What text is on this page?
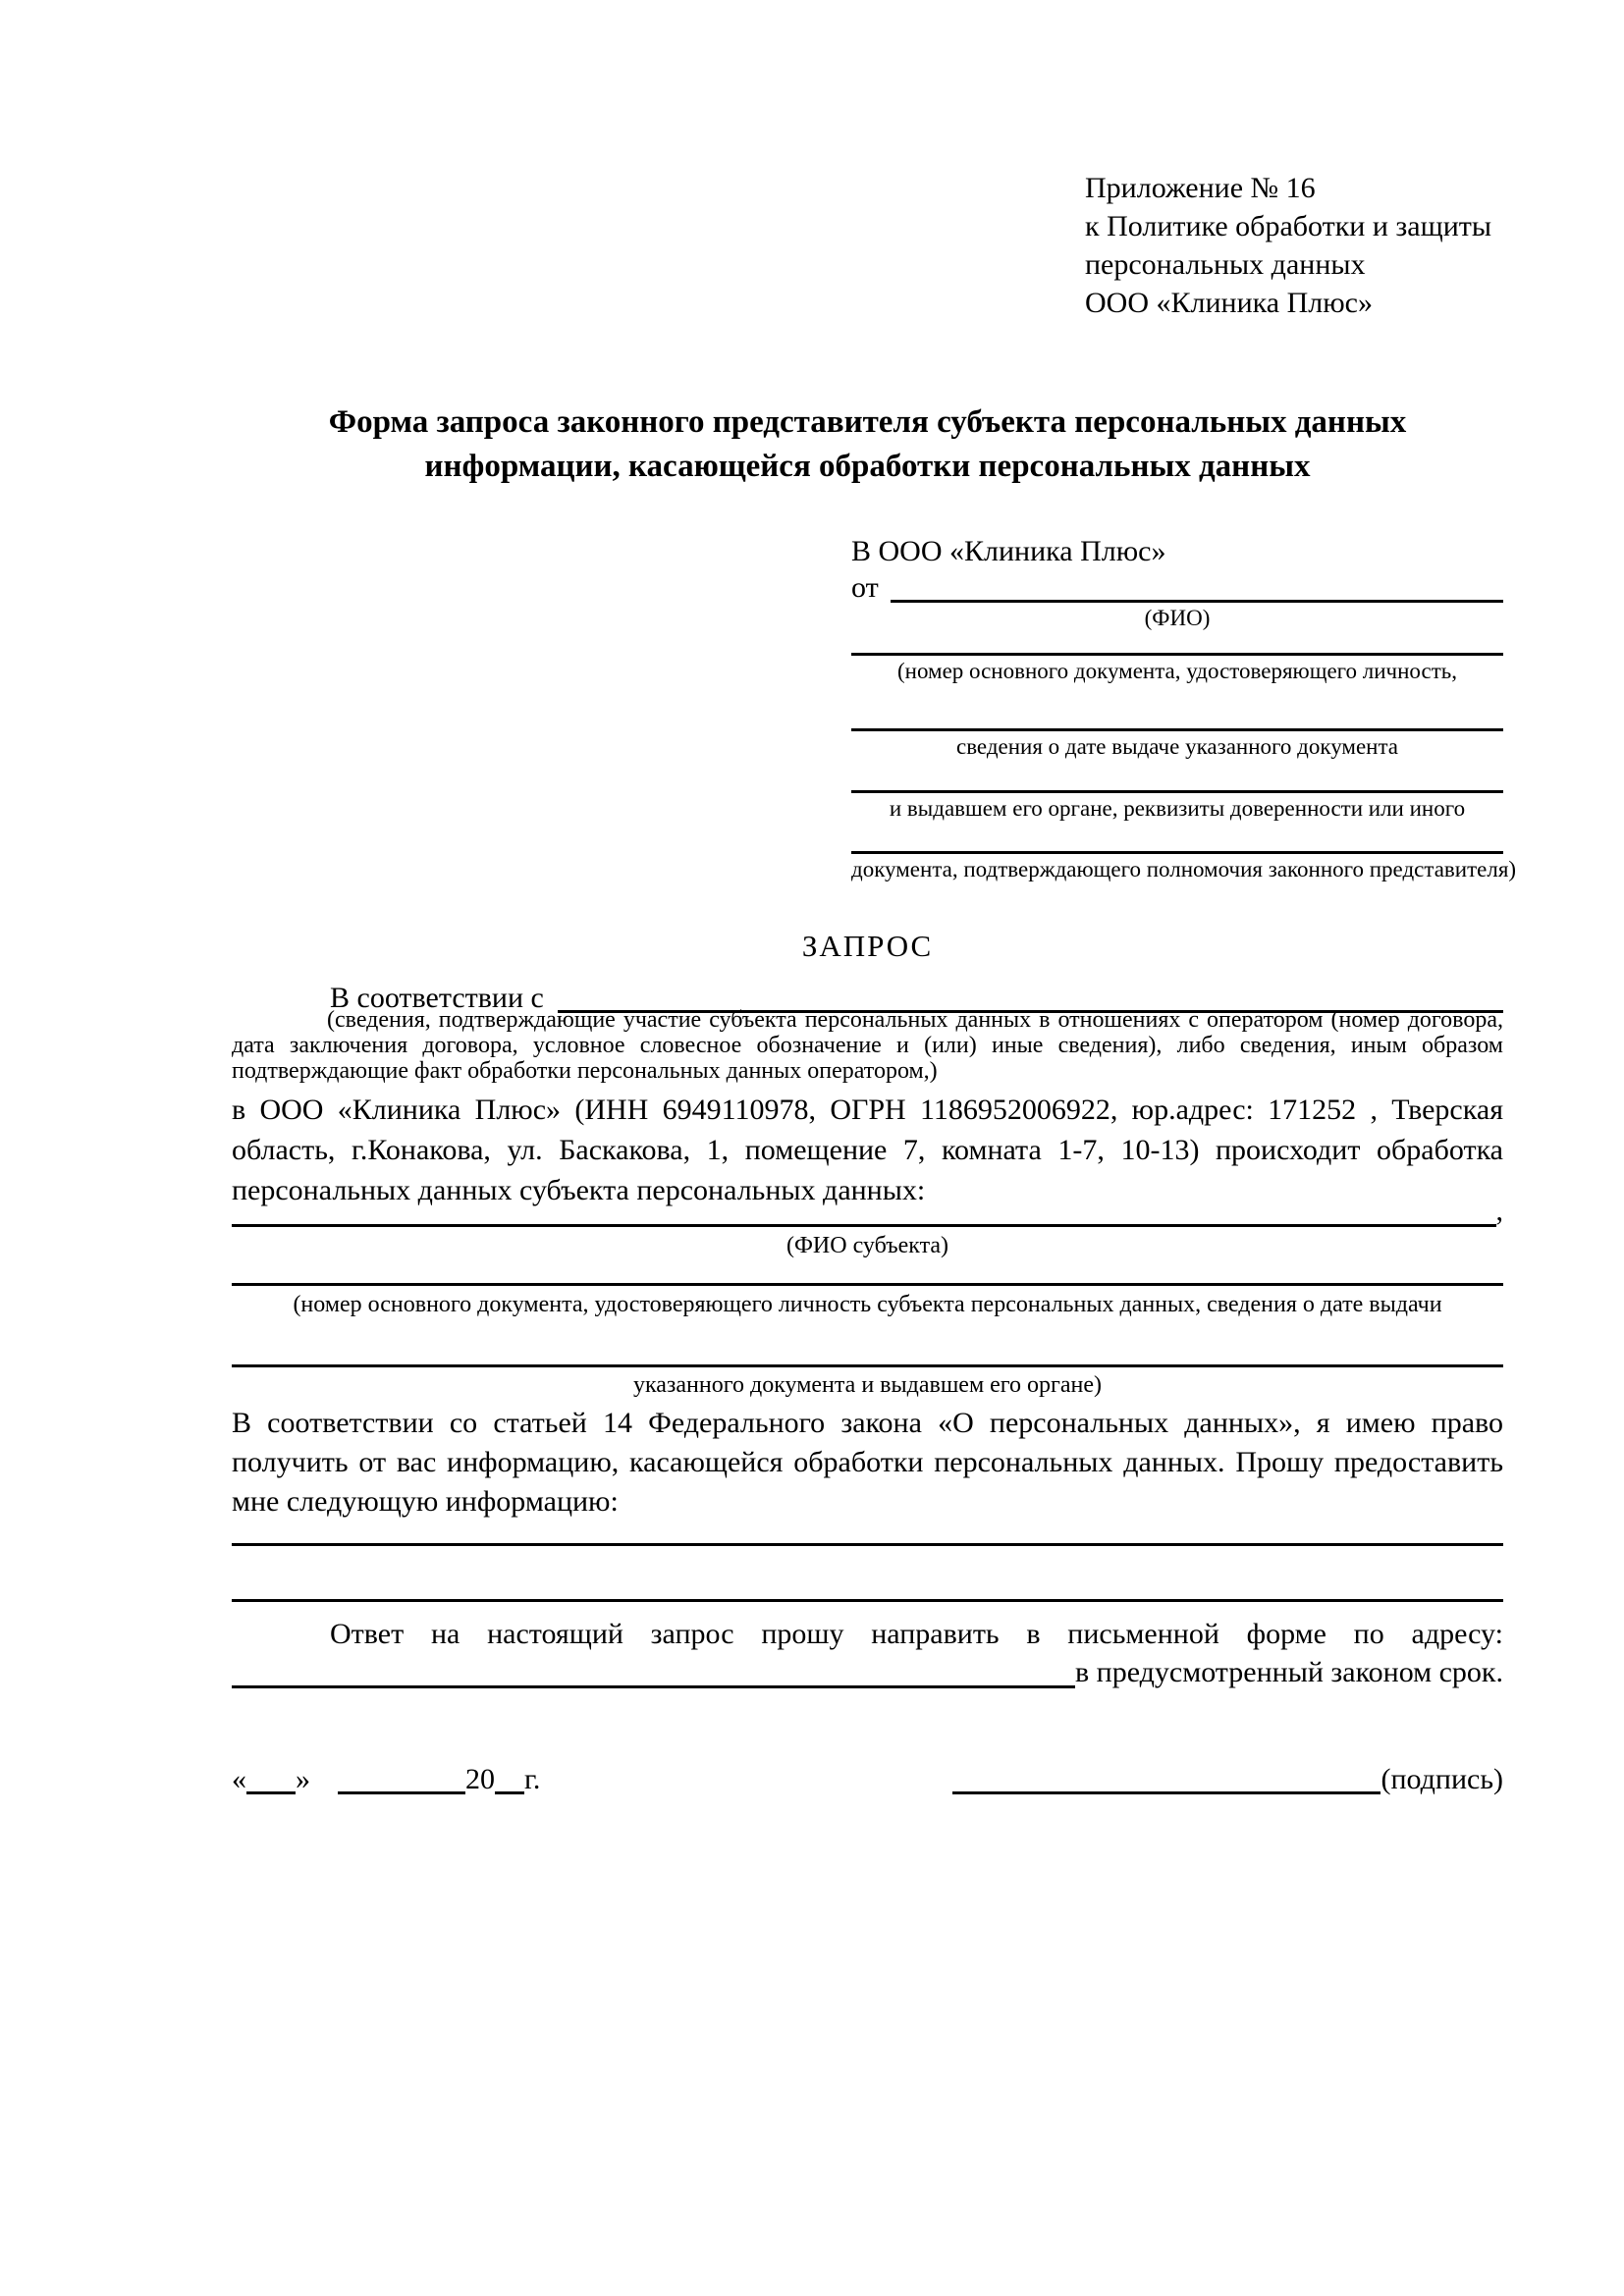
Приложение № 16
к Политике обработки и защиты
персональных данных
ООО «Клиника Плюс»
Форма запроса законного представителя субъекта персональных данных
информации, касающейся обработки персональных данных
В ООО «Клиника Плюс»
от
(ФИО)
(номер основного документа, удостоверяющего личность,
сведения о дате выдаче указанного документа
и выдавшем его органе, реквизиты доверенности или иного
документа, подтверждающего полномочия законного представителя)
ЗАПРОС
В соответствии с
(сведения, подтверждающие участие субъекта персональных данных в отношениях с оператором (номер договора, дата заключения договора, условное словесное обозначение и (или) иные сведения), либо сведения, иным образом подтверждающие факт обработки персональных данных оператором,)
в ООО «Клиника Плюс» (ИНН 6949110978, ОГРН 1186952006922, юр.адрес: 171252 , Тверская область, г.Конакова, ул. Баскакова, 1, помещение 7, комната 1-7, 10-13) происходит обработка персональных данных субъекта персональных данных:
,
(ФИО субъекта)
(номер основного документа, удостоверяющего личность субъекта персональных данных, сведения о дате выдачи
указанного документа и выдавшем его органе)
В соответствии со статьей 14 Федерального закона «О персональных данных», я имею право получить от вас информацию, касающейся обработки персональных данных. Прошу предоставить мне следующую информацию:
Ответ на настоящий запрос прошу направить в письменной форме по адресу:
в предусмотренный законом срок.
« »	20 г.	(подпись)
